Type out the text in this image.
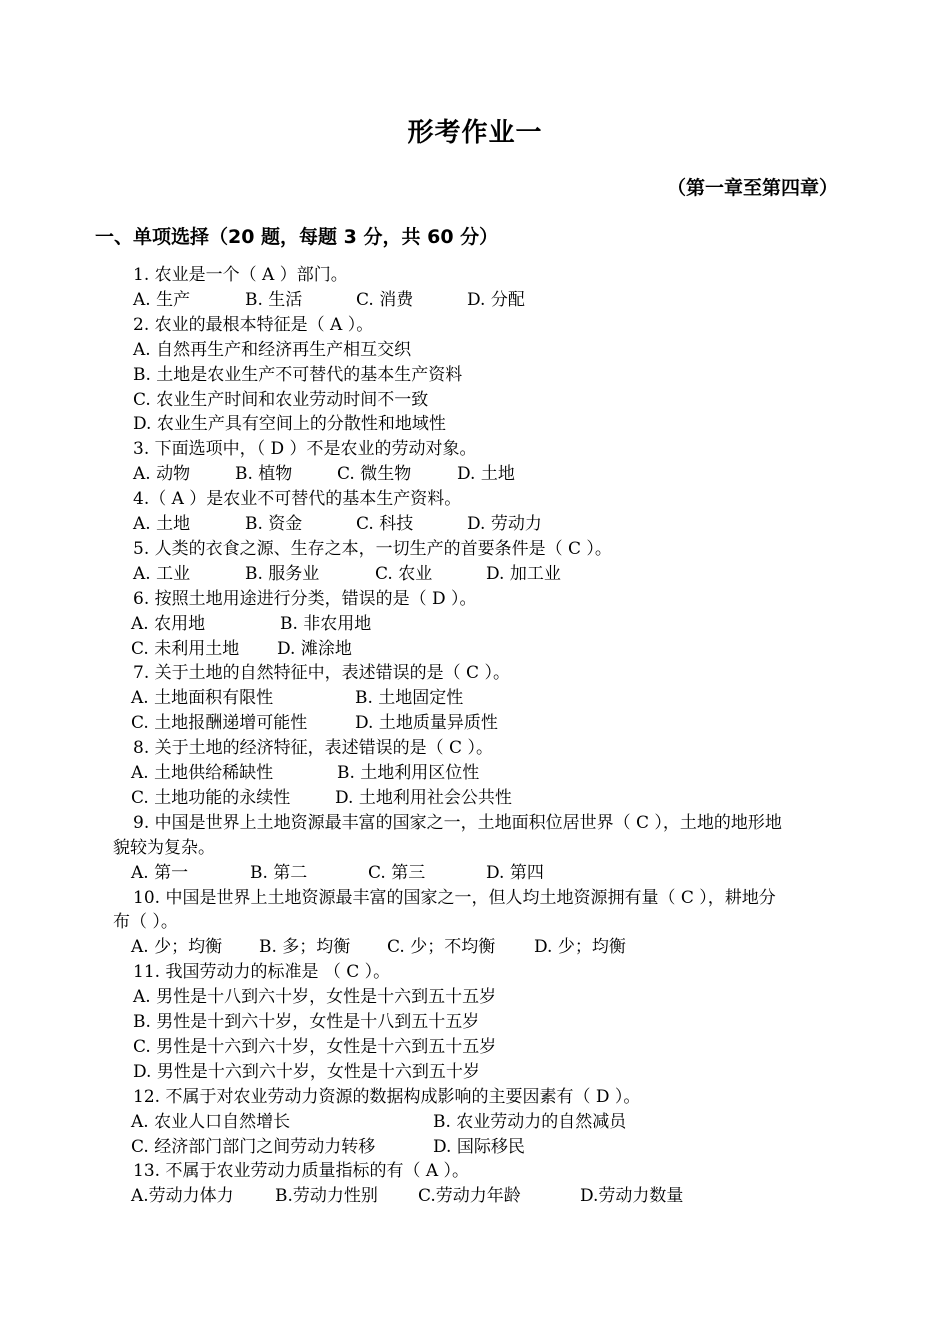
形考作业一
（第一章至第四章）
一、单项选择（20 题，每题 3 分，共 60 分）
1. 农业是一个（ A ）部门。
A. 生产	B. 生活	C. 消费	D. 分配
2. 农业的最根本特征是（ A ）。
A. 自然再生产和经济再生产相互交织
B. 土地是农业生产不可替代的基本生产资料
C. 农业生产时间和农业劳动时间不一致
D. 农业生产具有空间上的分散性和地域性
3. 下面选项中，（ D ）不是农业的劳动对象。
A. 动物	B. 植物	C. 微生物	D. 土地
4.（ A ）是农业不可替代的基本生产资料。
A. 土地	B. 资金	C. 科技	D. 劳动力
5. 人类的衣食之源、生存之本，一切生产的首要条件是（ C ）。
A. 工业	B. 服务业	C. 农业	D. 加工业
6. 按照土地用途进行分类，错误的是（ D ）。
A. 农用地	B. 非农用地
C. 未利用土地 D. 滩涂地
7. 关于土地的自然特征中，表述错误的是（ C ）。
A. 土地面积有限性	B. 土地固定性
C. 土地报酬递增可能性	D. 土地质量异质性
8. 关于土地的经济特征，表述错误的是（ C ）。
A. 土地供给稀缺性	B. 土地利用区位性
C. 土地功能的永续性	D. 土地利用社会公共性
9. 中国是世界上土地资源最丰富的国家之一，土地面积位居世界（ C ），土地的地形地
貌较为复杂。
A. 第一	B. 第二	C. 第三	D. 第四
10. 中国是世界上土地资源最丰富的国家之一，但人均土地资源拥有量（ C ），耕地分
布（ ）。
A. 少；均衡 B. 多；均衡 C. 少；不均衡 D. 少；均衡
11. 我国劳动力的标准是 （ C ）。
A. 男性是十八到六十岁，女性是十六到五十五岁
B. 男性是十到六十岁，女性是十八到五十五岁
C. 男性是十六到六十岁，女性是十六到五十五岁
D. 男性是十六到六十岁，女性是十六到五十岁
12. 不属于对农业劳动力资源的数据构成影响的主要因素有（ D ）。
A. 农业人口自然增长	B. 农业劳动力的自然减员
C. 经济部门部门之间劳动力转移	D. 国际移民
13. 不属于农业劳动力质量指标的有（ A ）。
A.劳动力体力 B.劳动力性别 C.劳动力年龄	D.劳动力数量
